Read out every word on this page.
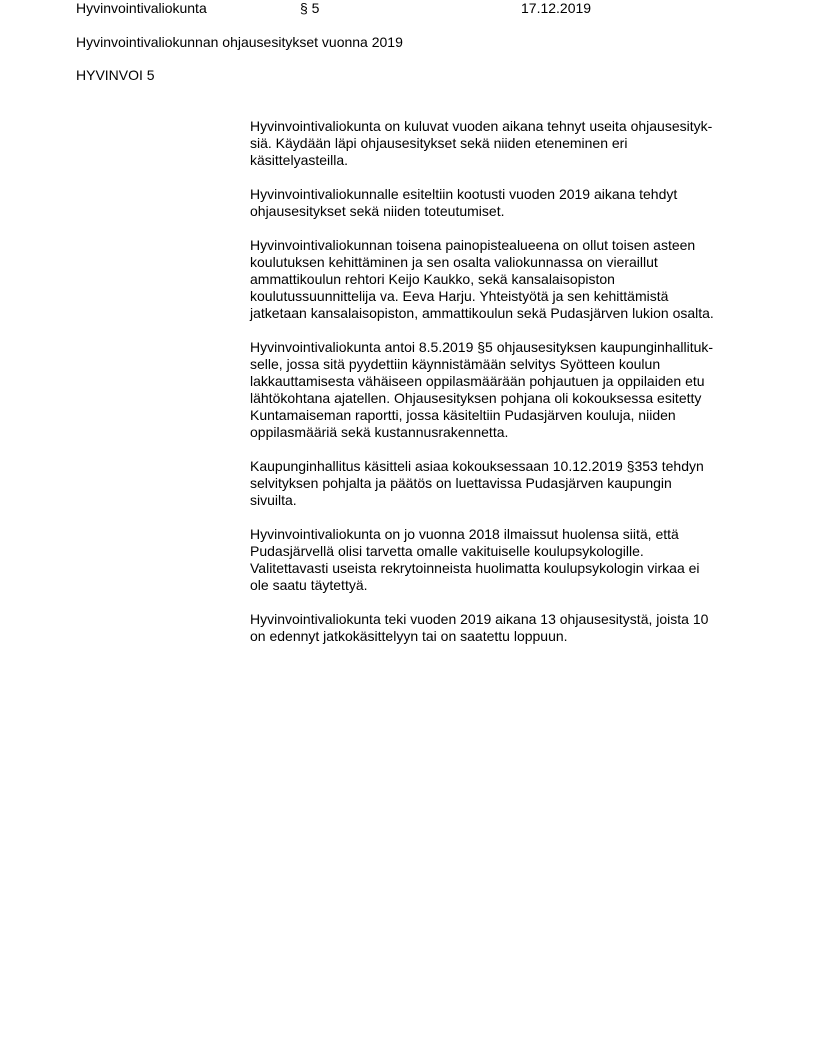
Hyvinvointivaliokunta	§ 5	17.12.2019
Hyvinvointivaliokunnan ohjausesitykset vuonna 2019
HYVINVOI 5

Hyvinvointivaliokunta on kuluvat vuoden aikana tehnyt useita ohjausesityk-
siä. Käydään läpi ohjausesitykset sekä niiden eteneminen eri
käsittelyasteilla.

Hyvinvointivaliokunnalle esiteltiin kootusti vuoden 2019 aikana tehdyt
ohjausesitykset sekä niiden toteutumiset.

Hyvinvointivaliokunnan toisena painopistealueena on ollut toisen asteen
koulutuksen kehittäminen ja sen osalta valiokunnassa on vieraillut
ammattikoulun rehtori Keijo Kaukko, sekä kansalaisopiston
koulutussuunnittelija va. Eeva Harju. Yhteistyötä ja sen kehittämistä
jatketaan kansalaisopiston, ammattikoulun sekä Pudasjärven lukion osalta.

Hyvinvointivaliokunta antoi 8.5.2019 §5 ohjausesityksen kaupunginhallituk-
selle, jossa sitä pyydettiin käynnistämään selvitys Syötteen koulun
lakkauttamisesta vähäiseen oppilasmäärään pohjautuen ja oppilaiden etu
lähtökohtana ajatellen. Ohjausesityksen pohjana oli kokouksessa esitetty
Kuntamaiseman raportti, jossa käsiteltiin Pudasjärven kouluja, niiden
oppilasmääriä sekä kustannusrakennetta.

Kaupunginhallitus käsitteli asiaa kokouksessaan 10.12.2019 §353 tehdyn
selvityksen pohjalta ja päätös on luettavissa Pudasjärven kaupungin
sivuilta.

Hyvinvointivaliokunta on jo vuonna 2018 ilmaissut huolensa siitä, että
Pudasjärvellä olisi tarvetta omalle vakituiselle koulupsykologille.
Valitettavasti useista rekrytoinneista huolimatta koulupsykologin virkaa ei
ole saatu täytettyä.

Hyvinvointivaliokunta teki vuoden 2019 aikana 13 ohjausesitystä, joista 10
on edennyt jatkokäsittelyyn tai on saatettu loppuun.
